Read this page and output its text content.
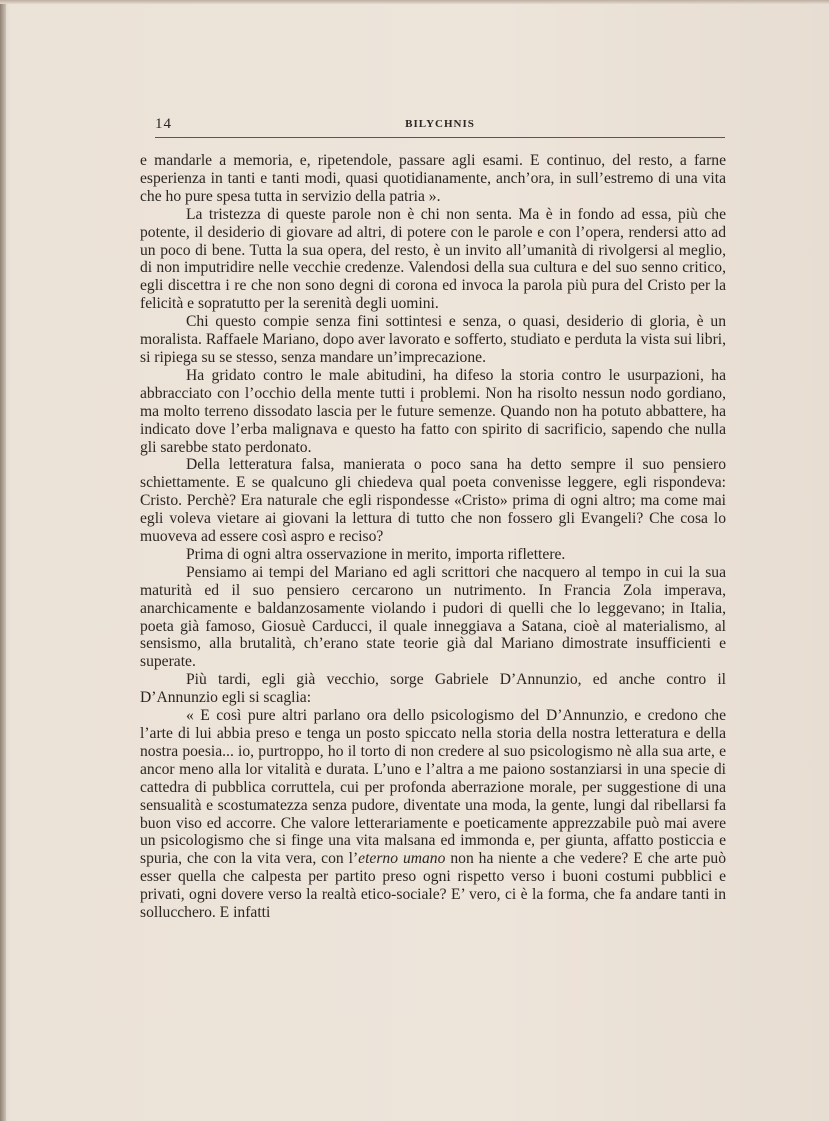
14	BILYCHNIS

e mandarle a memoria, e, ripetendole, passare agli esami. E continuo, del resto, a farne esperienza in tanti e tanti modi, quasi quotidianamente, anch’ora, in sull’estremo di una vita che ho pure spesa tutta in servizio della patria ».

La tristezza di queste parole non è chi non senta. Ma è in fondo ad essa, più che potente, il desiderio di giovare ad altri, di potere con le parole e con l’opera, rendersi atto ad un poco di bene. Tutta la sua opera, del resto, è un invito all’umanità di rivolgersi al meglio, di non imputridire nelle vecchie credenze. Valendosi della sua cultura e del suo senno critico, egli discettra i re che non sono degni di corona ed invoca la parola più pura del Cristo per la felicità e sopratutto per la serenità degli uomini.

Chi questo compie senza fini sottintesi e senza, o quasi, desiderio di gloria, è un moralista. Raffaele Mariano, dopo aver lavorato e sofferto, studiato e perduta la vista sui libri, si ripiega su se stesso, senza mandare un’imprecazione.

Ha gridato contro le male abitudini, ha difeso la storia contro le usurpazioni, ha abbracciato con l’occhio della mente tutti i problemi. Non ha risolto nessun nodo gordiano, ma molto terreno dissodato lascia per le future semenze. Quando non ha potuto abbattere, ha indicato dove l’erba malignava e questo ha fatto con spirito di sacrificio, sapendo che nulla gli sarebbe stato perdonato.

Della letteratura falsa, manierata o poco sana ha detto sempre il suo pensiero schiettamente. E se qualcuno gli chiedeva qual poeta convenisse leggere, egli rispondeva: Cristo. Perchè? Era naturale che egli rispondesse «Cristo» prima di ogni altro; ma come mai egli voleva vietare ai giovani la lettura di tutto che non fossero gli Evangeli? Che cosa lo muoveva ad essere così aspro e reciso?

Prima di ogni altra osservazione in merito, importa riflettere.

Pensiamo ai tempi del Mariano ed agli scrittori che nacquero al tempo in cui la sua maturità ed il suo pensiero cercarono un nutrimento. In Francia Zola imperava, anarchicamente e baldanzosamente violando i pudori di quelli che lo leggevano; in Italia, poeta già famoso, Giosuè Carducci, il quale inneggiava a Satana, cioè al materialismo, al sensismo, alla brutalità, ch’erano state teorie già dal Mariano dimostrate insufficienti e superate.

Più tardi, egli già vecchio, sorge Gabriele D’Annunzio, ed anche contro il D’Annunzio egli si scaglia:

« E così pure altri parlano ora dello psicologismo del D’Annunzio, e credono che l’arte di lui abbia preso e tenga un posto spiccato nella storia della nostra letteratura e della nostra poesia... io, purtroppo, ho il torto di non credere al suo psicologismo nè alla sua arte, e ancor meno alla lor vitalità e durata. L’uno e l’altra a me paiono sostanziarsi in una specie di cattedra di pubblica corruttela, cui per profonda aberrazione morale, per suggestione di una sensualità e scostumatezza senza pudore, diventate una moda, la gente, lungi dal ribellarsi fa buon viso ed accorre. Che valore letterariamente e poeticamente apprezzabile può mai avere un psicologismo che si finge una vita malsana ed immonda e, per giunta, affatto posticcia e spuria, che con la vita vera, con l’eterno umano non ha niente a che vedere? E che arte può esser quella che calpesta per partito preso ogni rispetto verso i buoni costumi pubblici e privati, ogni dovere verso la realtà etico-sociale? E’ vero, ci è la forma, che fa andare tanti in sollucchero. E infatti
